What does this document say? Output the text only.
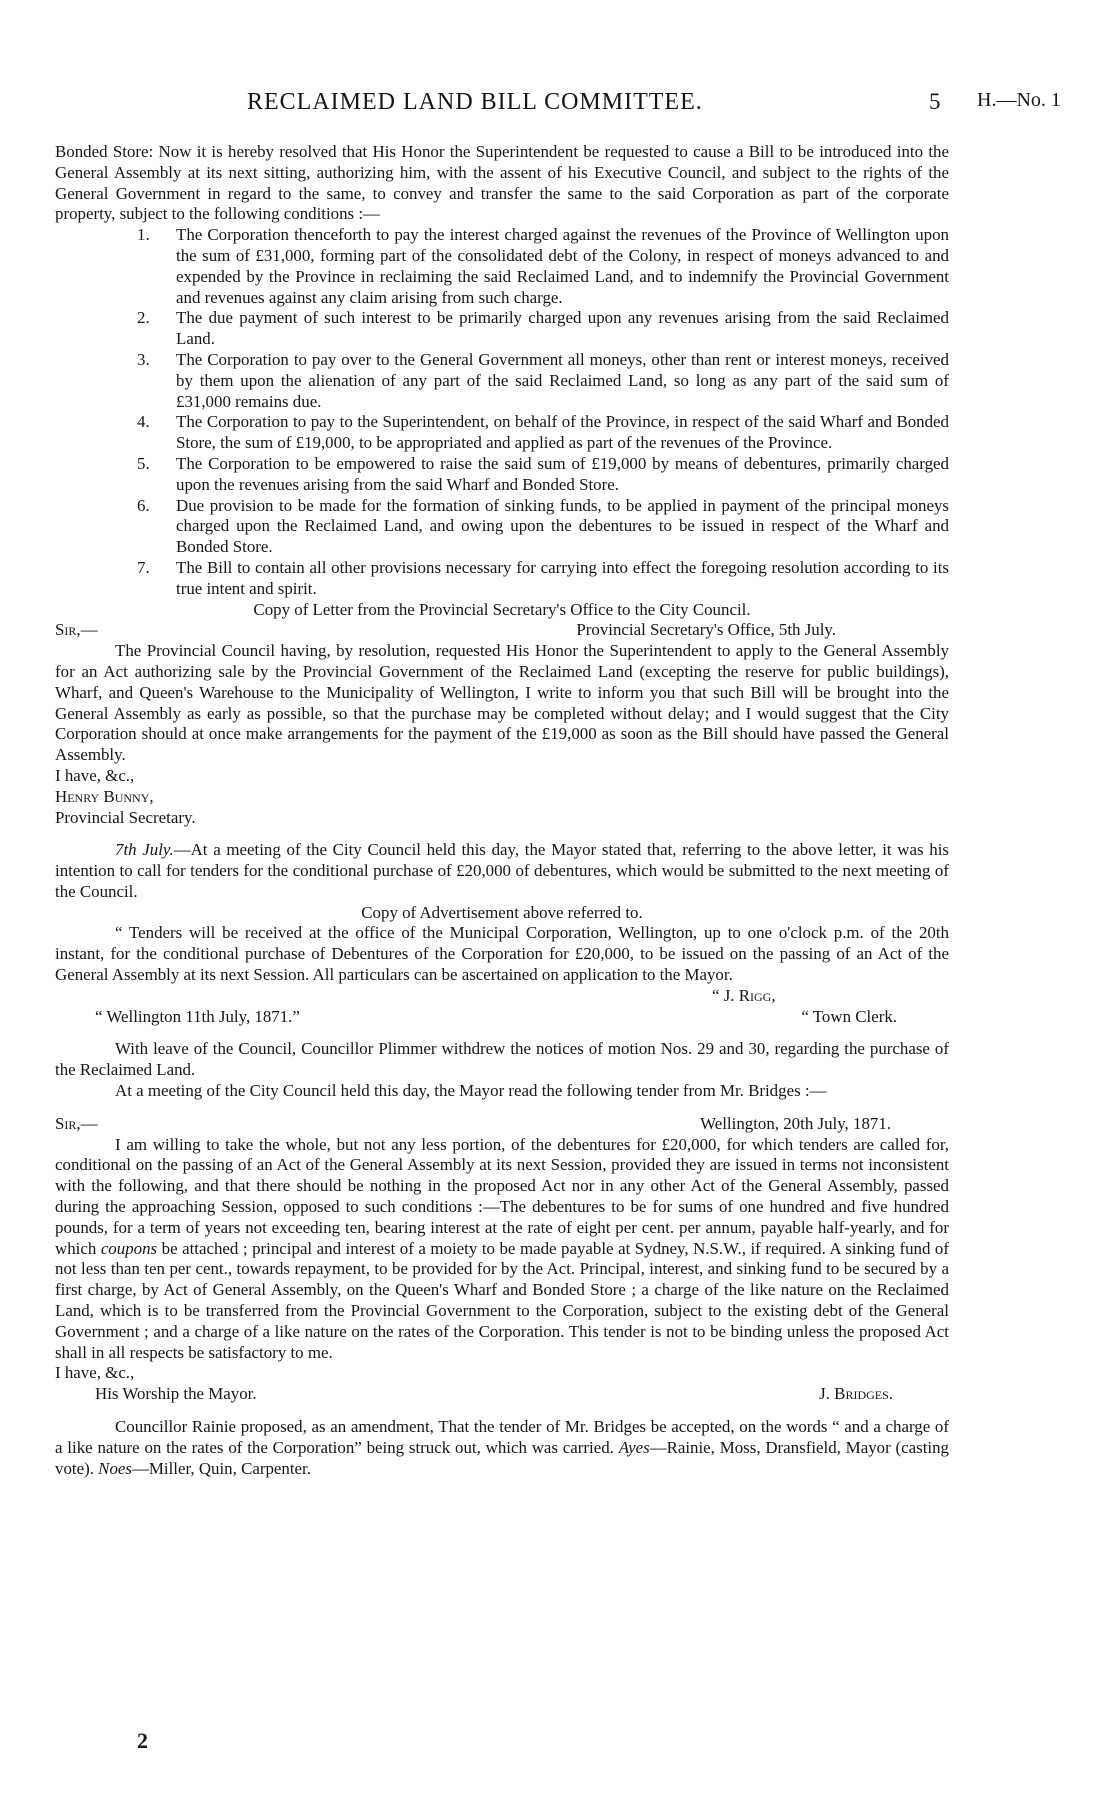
RECLAIMED LAND BILL COMMITTEE.	5 H.—No. 1

Bonded Store: Now it is hereby resolved that His Honor the Superintendent be requested to cause a Bill to be introduced into the General Assembly at its next sitting, authorizing him, with the assent of his Executive Council, and subject to the rights of the General Government in regard to the same, to convey and transfer the same to the said Corporation as part of the corporate property, subject to the following conditions :—

1. The Corporation thenceforth to pay the interest charged against the revenues of the Province of Wellington upon the sum of £31,000, forming part of the consolidated debt of the Colony, in respect of moneys advanced to and expended by the Province in reclaiming the said Reclaimed Land, and to indemnify the Provincial Government and revenues against any claim arising from such charge.
2. The due payment of such interest to be primarily charged upon any revenues arising from the said Reclaimed Land.
3. The Corporation to pay over to the General Government all moneys, other than rent or interest moneys, received by them upon the alienation of any part of the said Reclaimed Land, so long as any part of the said sum of £31,000 remains due.
4. The Corporation to pay to the Superintendent, on behalf of the Province, in respect of the said Wharf and Bonded Store, the sum of £19,000, to be appropriated and applied as part of the revenues of the Province.
5. The Corporation to be empowered to raise the said sum of £19,000 by means of debentures, primarily charged upon the revenues arising from the said Wharf and Bonded Store.
6. Due provision to be made for the formation of sinking funds, to be applied in payment of the principal moneys charged upon the Reclaimed Land, and owing upon the debentures to be issued in respect of the Wharf and Bonded Store.
7. The Bill to contain all other provisions necessary for carrying into effect the foregoing resolution according to its true intent and spirit.

Copy of Letter from the Provincial Secretary's Office to the City Council.

Sir,—	Provincial Secretary's Office, 5th July.

The Provincial Council having, by resolution, requested His Honor the Superintendent to apply to the General Assembly for an Act authorizing sale by the Provincial Government of the Reclaimed Land (excepting the reserve for public buildings), Wharf, and Queen's Warehouse to the Municipality of Wellington, I write to inform you that such Bill will be brought into the General Assembly as early as possible, so that the purchase may be completed without delay; and I would suggest that the City Corporation should at once make arrangements for the payment of the £19,000 as soon as the Bill should have passed the General Assembly.

I have, &c.,

Henry Bunny,

Provincial Secretary.

7th July.—At a meeting of the City Council held this day, the Mayor stated that, referring to the above letter, it was his intention to call for tenders for the conditional purchase of £20,000 of debentures, which would be submitted to the next meeting of the Council.

Copy of Advertisement above referred to.

“ Tenders will be received at the office of the Municipal Corporation, Wellington, up to one o'clock p.m. of the 20th instant, for the conditional purchase of Debentures of the Corporation for £20,000, to be issued on the passing of an Act of the General Assembly at its next Session. All particulars can be ascertained on application to the Mayor.

“ J. Rigg,

“ Wellington 11th July, 1871.”	“ Town Clerk.

With leave of the Council, Councillor Plimmer withdrew the notices of motion Nos. 29 and 30, regarding the purchase of the Reclaimed Land.

At a meeting of the City Council held this day, the Mayor read the following tender from Mr. Bridges :—

Sir,—	Wellington, 20th July, 1871.

I am willing to take the whole, but not any less portion, of the debentures for £20,000, for which tenders are called for, conditional on the passing of an Act of the General Assembly at its next Session, provided they are issued in terms not inconsistent with the following, and that there should be nothing in the proposed Act nor in any other Act of the General Assembly, passed during the approaching Session, opposed to such conditions :—The debentures to be for sums of one hundred and five hundred pounds, for a term of years not exceeding ten, bearing interest at the rate of eight per cent. per annum, payable half-yearly, and for which coupons be attached ; principal and interest of a moiety to be made payable at Sydney, N.S.W., if required. A sinking fund of not less than ten per cent., towards repayment, to be provided for by the Act. Principal, interest, and sinking fund to be secured by a first charge, by Act of General Assembly, on the Queen's Wharf and Bonded Store ; a charge of the like nature on the Reclaimed Land, which is to be transferred from the Provincial Government to the Corporation, subject to the existing debt of the General Government ; and a charge of a like nature on the rates of the Corporation. This tender is not to be binding unless the proposed Act shall in all respects be satisfactory to me.

I have, &c.,

His Worship the Mayor.	J. Bridges.

Councillor Rainie proposed, as an amendment, That the tender of Mr. Bridges be accepted, on the words “ and a charge of a like nature on the rates of the Corporation” being struck out, which was carried. Ayes—Rainie, Moss, Dransfield, Mayor (casting vote). Noes—Miller, Quin, Carpenter.

2
